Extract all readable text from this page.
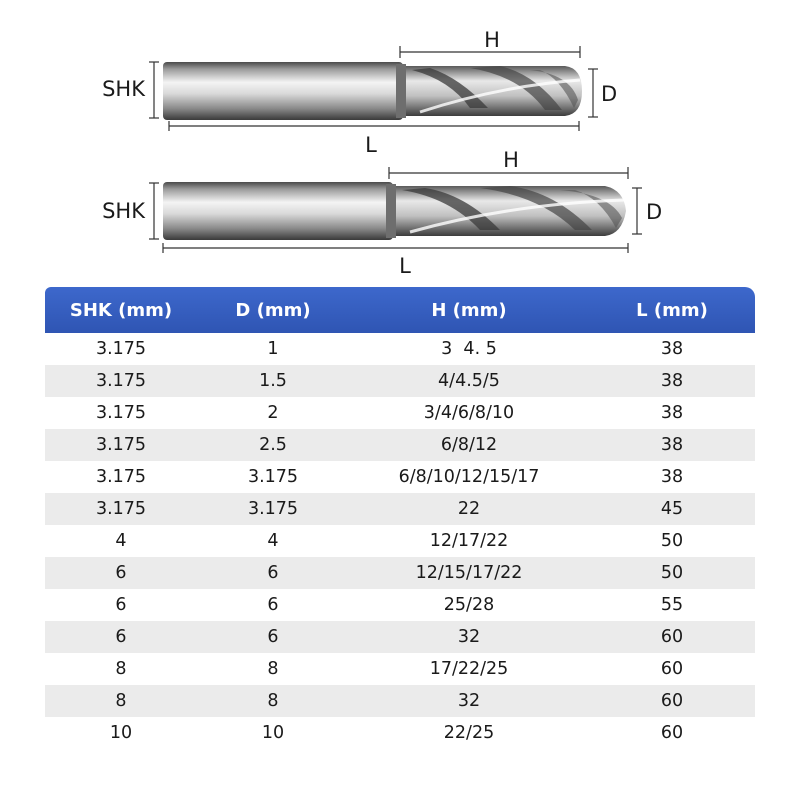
H
SHK	D
L
H
SHK	D
L
SHK (mm)	D (mm)	H (mm)	L (mm)
3.175	1	3  4. 5	38
3.175	1.5	4/4.5/5	38
3.175	2	3/4/6/8/10	38
3.175	2.5	6/8/12	38
3.175	3.175	6/8/10/12/15/17	38
3.175	3.175	22	45
4	4	12/17/22	50
6	6	12/15/17/22	50
6	6	25/28	55
6	6	32	60
8	8	17/22/25	60
8	8	32	60
10	10	22/25	60
